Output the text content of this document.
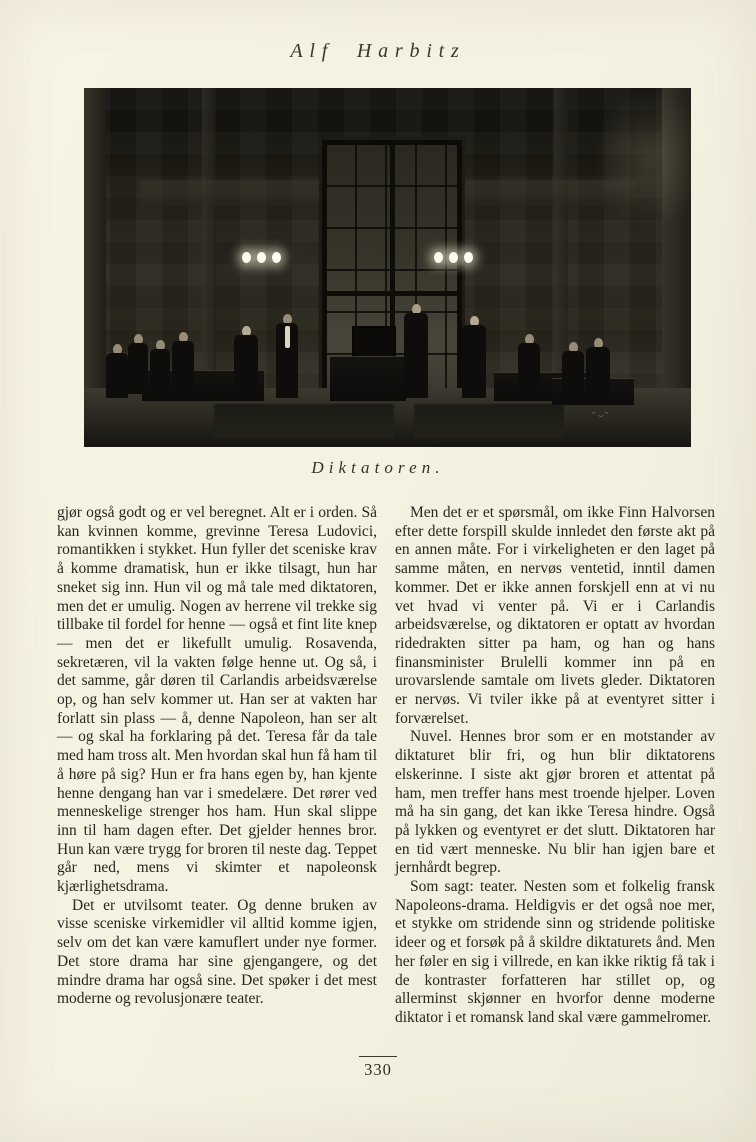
Alf Harbitz
~ ‿~
Diktatoren.

gjør også godt og er vel beregnet. Alt er i orden. Så kan kvinnen komme, grevinne Teresa Ludovici, romantikken i stykket. Hun fyller det sceniske krav å komme dramatisk, hun er ikke tilsagt, hun har sneket sig inn. Hun vil og må tale med diktatoren, men det er umulig. Nogen av herrene vil trekke sig tillbake til fordel for henne — også et fint lite knep — men det er likefullt umulig. Rosavenda, sekretæren, vil la vakten følge henne ut. Og så, i det samme, går døren til Carlandis arbeidsværelse op, og han selv kommer ut. Han ser at vakten har forlatt sin plass — å, denne Napoleon, han ser alt — og skal ha forklaring på det. Teresa får da tale med ham tross alt. Men hvordan skal hun få ham til å høre på sig? Hun er fra hans egen by, han kjente henne dengang han var i smedelære. Det rører ved menneskelige strenger hos ham. Hun skal slippe inn til ham dagen efter. Det gjelder hennes bror. Hun kan være trygg for broren til neste dag. Teppet går ned, mens vi skimter et napoleonsk kjærlighetsdrama.

Det er utvilsomt teater. Og denne bruken av visse sceniske virkemidler vil alltid komme igjen, selv om det kan være kamuflert under nye former. Det store drama har sine gjengangere, og det mindre drama har også sine. Det spøker i det mest moderne og revolusjonære teater.

Men det er et spørsmål, om ikke Finn Halvorsen efter dette forspill skulde innledet den første akt på en annen måte. For i virkeligheten er den laget på samme måten, en nervøs ventetid, inntil damen kommer. Det er ikke annen forskjell enn at vi nu vet hvad vi venter på. Vi er i Carlandis arbeidsværelse, og diktatoren er optatt av hvordan ridedrakten sitter pa ham, og han og hans finansminister Brulelli kommer inn på en urovarslende samtale om livets gleder. Diktatoren er nervøs. Vi tviler ikke på at eventyret sitter i forværelset.

Nuvel. Hennes bror som er en motstander av diktaturet blir fri, og hun blir diktatorens elskerinne. I siste akt gjør broren et attentat på ham, men treffer hans mest troende hjelper. Loven må ha sin gang, det kan ikke Teresa hindre. Også på lykken og eventyret er det slutt. Diktatoren har en tid vært menneske. Nu blir han igjen bare et jernhårdt begrep.

Som sagt: teater. Nesten som et folkelig fransk Napoleons-drama. Heldigvis er det også noe mer, et stykke om stridende sinn og stridende politiske ideer og et forsøk på å skildre diktaturets ånd. Men her føler en sig i villrede, en kan ikke riktig få tak i de kontraster forfatteren har stillet op, og allerminst skjønner en hvorfor denne moderne diktator i et romansk land skal være gammelromer.

330
